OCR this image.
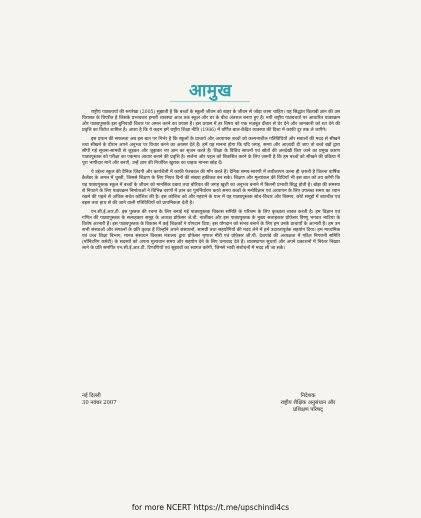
आमुख

राष्ट्रीय पाठ्यचर्या की रूपरेखा (2005) सुझाती है कि बच्चों के स्कूली जीवन को बाहर के जीवन से जोड़ा जाना चाहिए। यह सिद्धांत किताबी ज्ञान की उस विरासत के विपरीत है जिसके प्रभाववश हमारी व्यवस्था आज तक स्कूल और घर के बीच अंतराल बनाए हुए है। नयी राष्ट्रीय पाठ्यचर्या पर आधारित पाठ्यक्रम और पाठ्यपुस्तकें इस बुनियादी विचार पर अमल करने का प्रयास हैं। इस प्रयास में हर विषय को एक मज़बूत दीवार से घेर देने और जानकारी को रटा देने की प्रवृत्ति का विरोध शामिल है। आशा है कि ये कदम हमें राष्ट्रीय शिक्षा नीति (1986) में वर्णित बाल-केंद्रित व्यवस्था की दिशा में काफ़ी दूर तक ले जाएँगे।

इस प्रयत्न की सफलता अब इस बात पर निर्भर है कि स्कूलों के प्राचार्य और अध्यापक बच्चों को कल्पनाशील गतिविधियों और सवालों की मदद से सीखने तथा सीखने के दौरान अपने अनुभव पर विचार करने का अवसर देते हैं। हमें यह मानना होगा कि यदि जगह, समय और आज़ादी दी जाए तो बच्चे बड़ों द्वारा सौंपी गई सूचना-सामग्री से जुड़कर और जूझकर नए ज्ञान का सृजन करते हैं। शिक्षा के विविध साधनों एवं स्रोतों की अनदेखी किए जाने का प्रमुख कारण पाठ्यपुस्तक को परीक्षा का एकमात्र आधार बनाने की प्रवृत्ति है। सर्जना और पहल को विकसित करने के लिए ज़रूरी है कि हम बच्चों को सीखने की प्रक्रिया में पूरा भागीदार मानें और बनाएँ, उन्हें ज्ञान की निर्धारित खुराक का ग्राहक मानना छोड़ दें।

ये उद्देश्य स्कूल की दैनिक ज़िंदगी और कार्यशैली में काफ़ी फेरबदल की माँग करते हैं। दैनिक समय-सारणी में लचीलापन उतना ही ज़रूरी है जितना वार्षिक कैलेंडर के अमल में चुस्ती, जिससे शिक्षण के लिए नियत दिनों की संख्या हकीकत बन सके। शिक्षण और मूल्यांकन की विधियाँ भी इस बात को तय करेंगी कि यह पाठ्यपुस्तक स्कूल में बच्चों के जीवन को मानसिक दबाव तथा बोरियत की जगह खुशी का अनुभव बनाने में कितनी प्रभावी सिद्ध होती है। बोझ की समस्या से निपटने के लिए पाठ्यक्रम निर्माताओं ने विभिन्न चरणों में ज्ञान का पुनर्निर्धारण करते समय बच्चों के मनोविज्ञान एवं अध्यापन के लिए उपलब्ध समय का ध्यान रखने की पहले से अधिक सचेत कोशिश की है। इस कोशिश को और गहराने के यत्न में यह पाठ्यपुस्तक सोच-विचार और विस्मय, छोटे समूहों में बातचीत एवं बहस तथा हाथ से की जाने वाली गतिविधियों को प्राथमिकता देती है।

एन.सी.ई.आर.टी. इस पुस्तक की रचना के लिए बनाई गई पाठ्यपुस्तक विकास समिति के परिश्रम के लिए कृतज्ञता व्यक्त करती है। हम विज्ञान एवं गणित की पाठ्यपुस्तक के सलाहकार समूह के अध्यक्ष प्रोफ़ेसर जे.वी. नार्लीकर और इस पाठ्यपुस्तक के मुख्य सलाहकार प्रोफ़ेसर विष्णु भगवत भाटिया के विशेष आभारी हैं। इस पाठ्यपुस्तक के विकास में कई शिक्षकों ने योगदान दिया; इस योगदान को संभव बनाने के लिए हम उनके प्राचार्यों के आभारी हैं। हम उन सभी संस्थाओं और संगठनों के प्रति कृतज्ञ हैं जिन्होंने अपने संसाधनों, सामग्री तथा सहयोगियों की मदद लेने में हमें उदारतापूर्वक सहयोग दिया। हम माध्यमिक एवं उच्च शिक्षा विभाग, मानव संसाधन विकास मंत्रालय द्वारा प्रोफ़ेसर मृणाल मीरी एवं प्रोफ़ेसर जी.पी. देशपांडे की अध्यक्षता में गठित निगरानी समिति (मॉनिटरिंग कमेटी) के सदस्यों को अपना मूल्यवान समय और सहयोग देने के लिए धन्यवाद देते हैं। व्यवस्थागत सुधारों और अपने प्रकाशनों में निरंतर निखार लाने के प्रति समर्पित एन.सी.ई.आर.टी. टिप्पणियों एवं सुझावों का स्वागत करेगी, जिनसे भावी संशोधनों में मदद ली जा सके।

नई दिल्ली
30 नवंबर 2007
निदेशक
राष्ट्रीय शैक्षिक अनुसंधान और
प्रशिक्षण परिषद्
for more NCERT https://t.me/upschindi4cs
